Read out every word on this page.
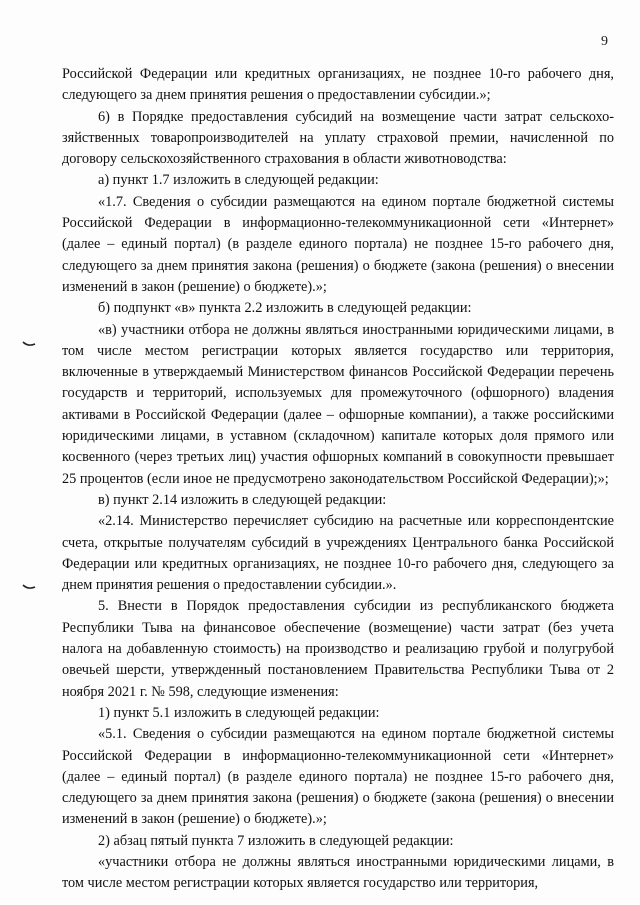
9

Российской Федерации или кредитных организациях, не позднее 10-го рабочего дня, следующего за днем принятия решения о предоставлении субсидии.»;

6) в Порядке предоставления субсидий на возмещение части затрат сельскохозяйственных товаропроизводителей на уплату страховой премии, начисленной по договору сельскохозяйственного страхования в области животноводства:

а) пункт 1.7 изложить в следующей редакции:

«1.7. Сведения о субсидии размещаются на едином портале бюджетной системы Российской Федерации в информационно-телекоммуникационной сети «Интернет» (далее – единый портал) (в разделе единого портала) не позднее 15-го рабочего дня, следующего за днем принятия закона (решения) о бюджете (закона (решения) о внесении изменений в закон (решение) о бюджете).»;

б) подпункт «в» пункта 2.2 изложить в следующей редакции:

«в) участники отбора не должны являться иностранными юридическими лицами, в том числе местом регистрации которых является государство или территория, включенные в утверждаемый Министерством финансов Российской Федерации перечень государств и территорий, используемых для промежуточного (офшорного) владения активами в Российской Федерации (далее – офшорные компании), а также российскими юридическими лицами, в уставном (складочном) капитале которых доля прямого или косвенного (через третьих лиц) участия офшорных компаний в совокупности превышает 25 процентов (если иное не предусмотрено законодательством Российской Федерации);»;

в) пункт 2.14 изложить в следующей редакции:

«2.14. Министерство перечисляет субсидию на расчетные или корреспондентские счета, открытые получателям субсидий в учреждениях Центрального банка Российской Федерации или кредитных организациях, не позднее 10-го рабочего дня, следующего за днем принятия решения о предоставлении субсидии.».

5. Внести в Порядок предоставления субсидии из республиканского бюджета Республики Тыва на финансовое обеспечение (возмещение) части затрат (без учета налога на добавленную стоимость) на производство и реализацию грубой и полугрубой овечьей шерсти, утвержденный постановлением Правительства Республики Тыва от 2 ноября 2021 г. № 598, следующие изменения:

1) пункт 5.1 изложить в следующей редакции:

«5.1. Сведения о субсидии размещаются на едином портале бюджетной системы Российской Федерации в информационно-телекоммуникационной сети «Интернет» (далее – единый портал) (в разделе единого портала) не позднее 15-го рабочего дня, следующего за днем принятия закона (решения) о бюджете (закона (решения) о внесении изменений в закон (решение) о бюджете).»;

2) абзац пятый пункта 7 изложить в следующей редакции:

«участники отбора не должны являться иностранными юридическими лицами, в том числе местом регистрации которых является государство или территория,
